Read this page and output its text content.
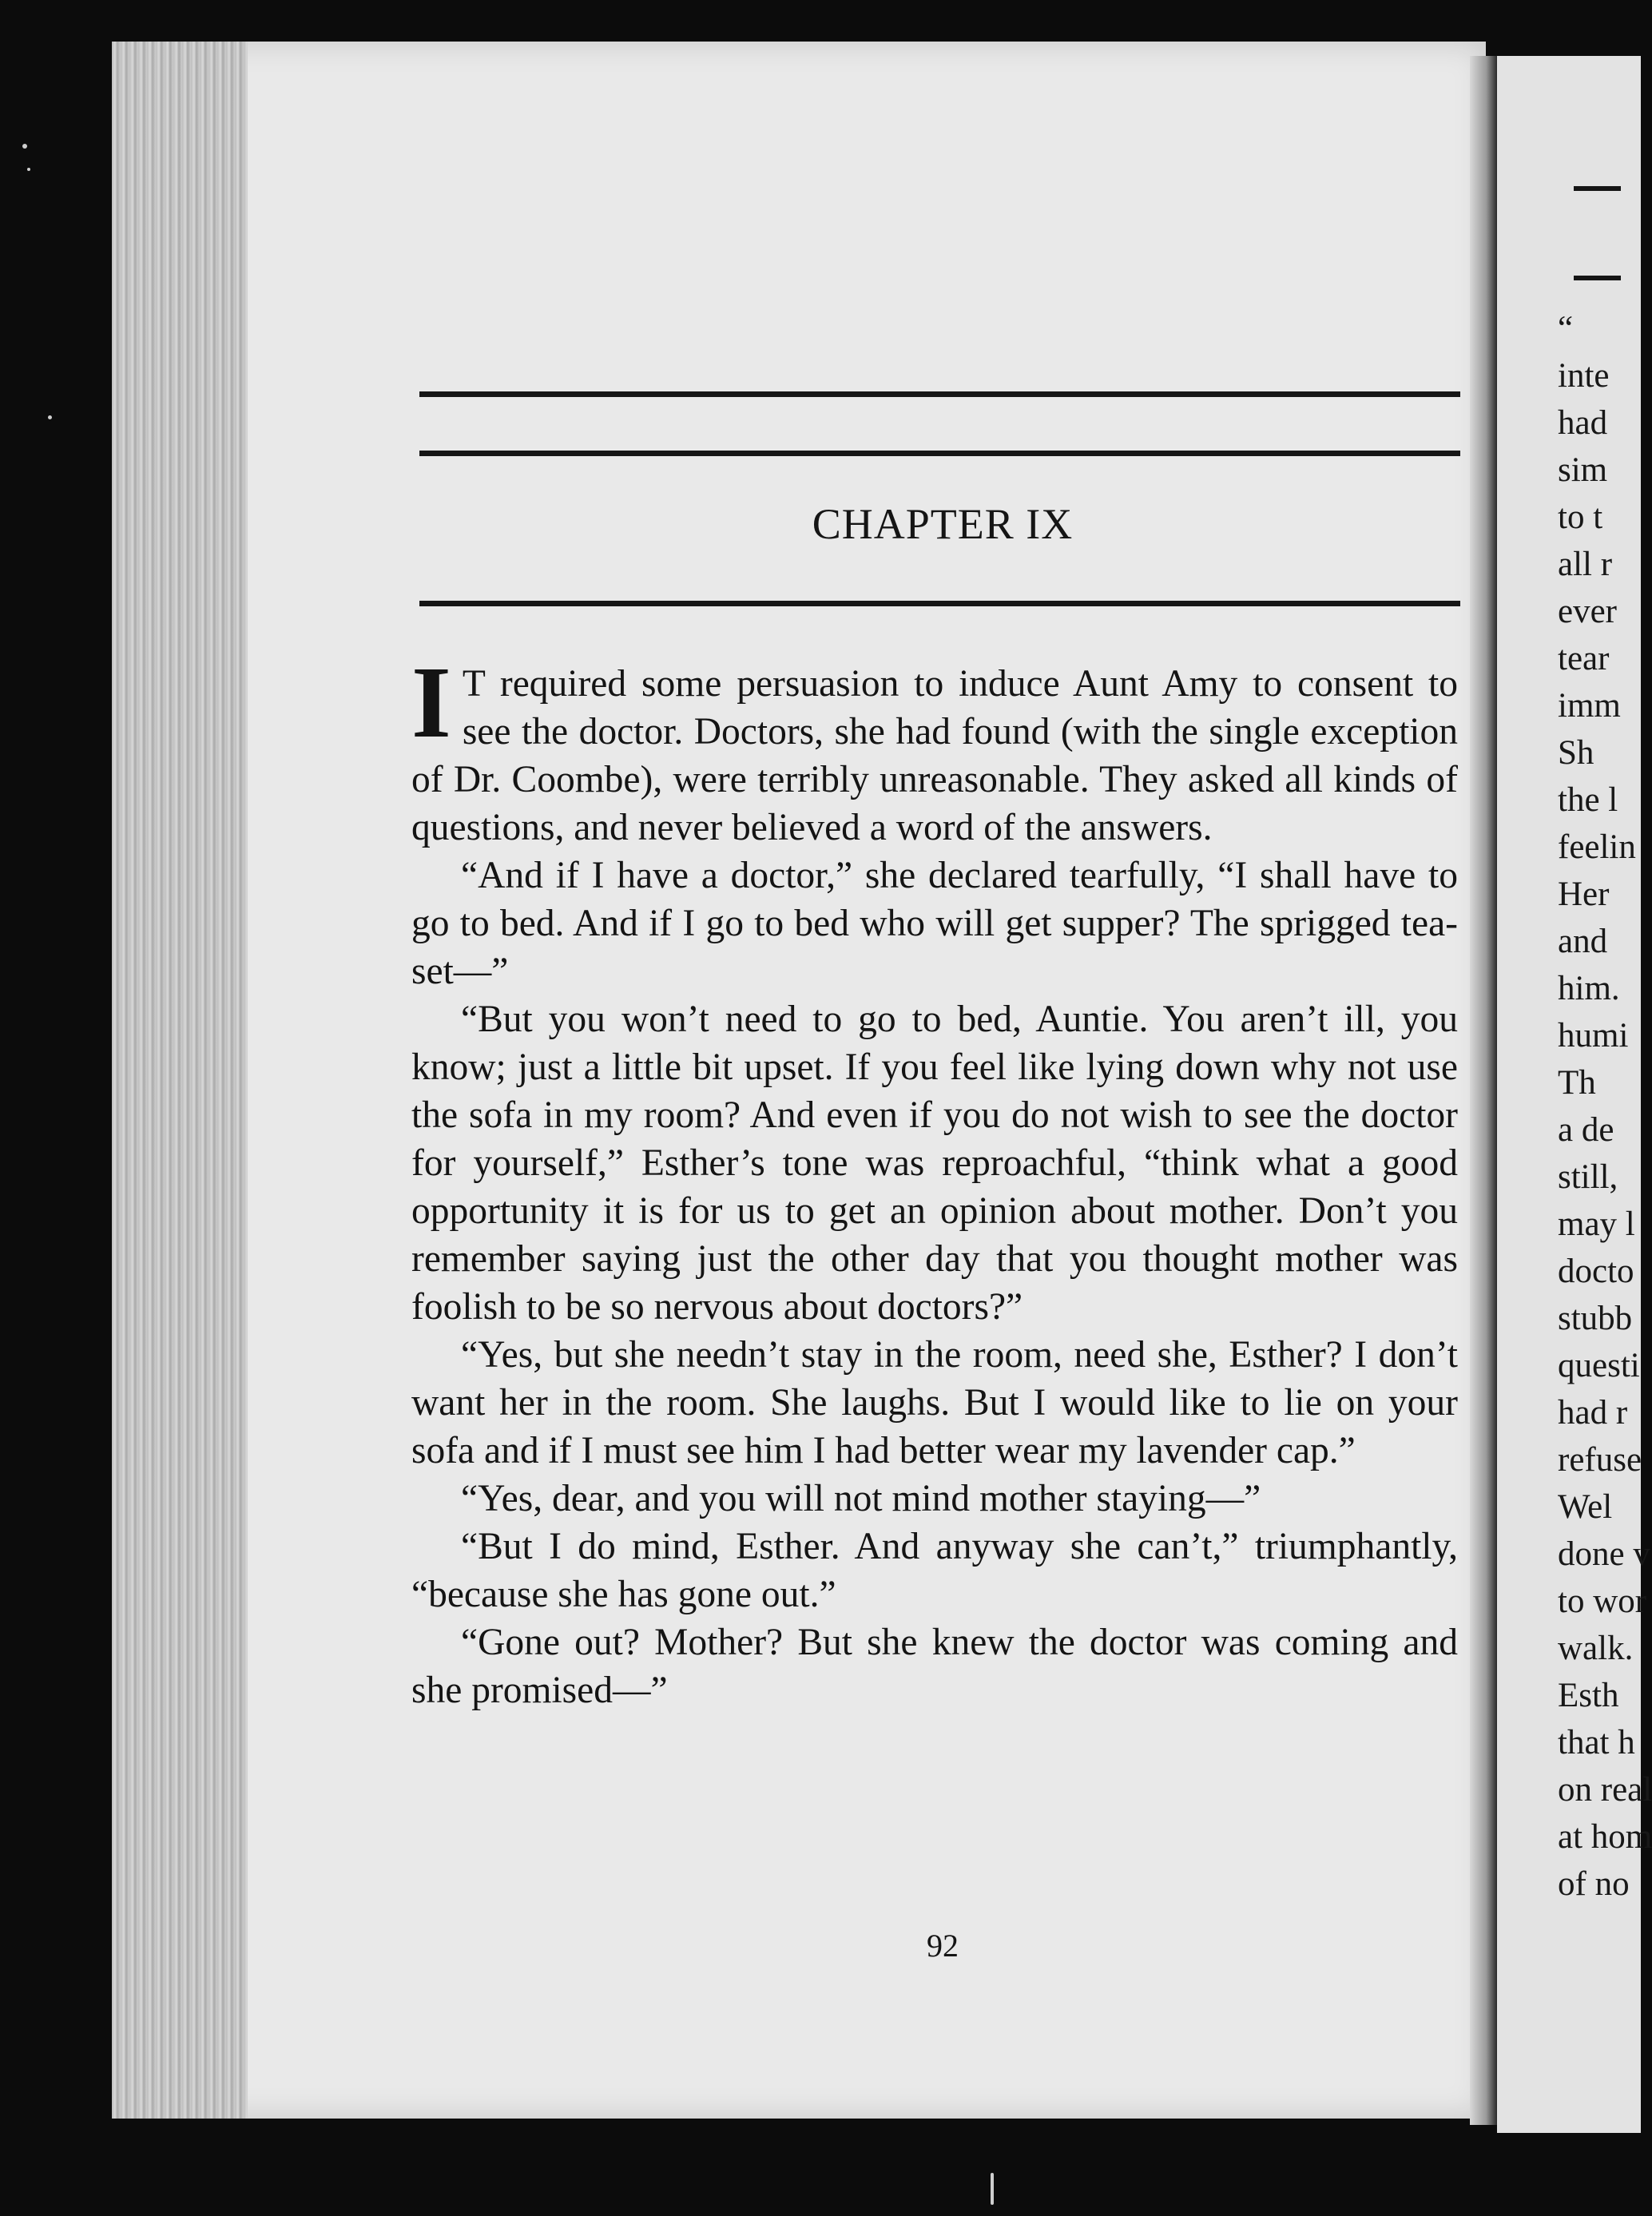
CHAPTER IX

I T required some persuasion to induce Aunt Amy to consent to see the doctor. Doctors, she had found (with the single exception of Dr. Coombe), were terribly unreasonable. They asked all kinds of questions, and never believed a word of the answers.

“And if I have a doctor,” she declared tearfully, “I shall have to go to bed. And if I go to bed who will get supper? The sprigged tea-set—”

“But you won’t need to go to bed, Auntie. You aren’t ill, you know; just a little bit upset. If you feel like lying down why not use the sofa in my room? And even if you do not wish to see the doctor for yourself,” Esther’s tone was reproachful, “think what a good opportunity it is for us to get an opinion about mother. Don’t you remember saying just the other day that you thought mother was foolish to be so nervous about doctors?”

“Yes, but she needn’t stay in the room, need she, Esther? I don’t want her in the room. She laughs. But I would like to lie on your sofa and if I must see him I had better wear my lavender cap.”

“Yes, dear, and you will not mind mother staying—”

“But I do mind, Esther. And anyway she can’t,” triumphantly, “because she has gone out.”

“Gone out? Mother? But she knew the doctor was coming and she promised—”

92
“
inte
had
sim
to t
all r
ever
tear
imm
Sh
the l
feelin
Her
and
him.
humi
Th
a de
still,
may l
docto
stubb
questi
had r
refuse
Wel
done v
to wor
walk.
Esth
that h
on real
at hom
of no
